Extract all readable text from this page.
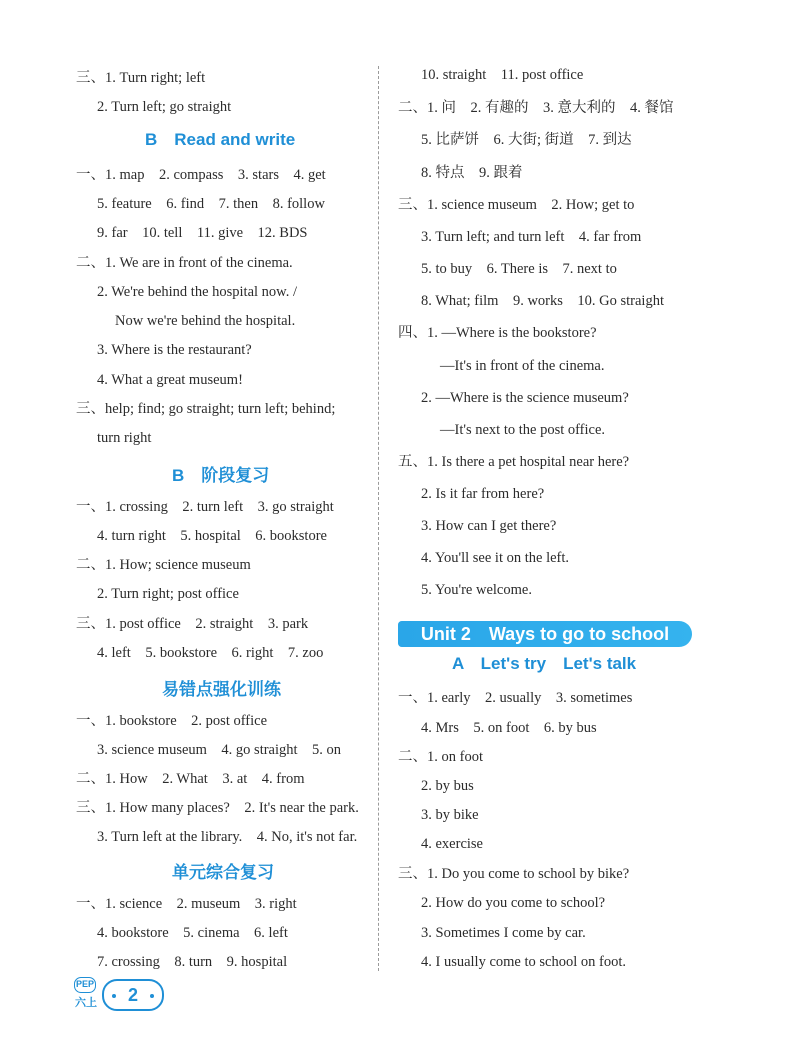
三、1. Turn right; left
2. Turn left; go straight
B　Read and write
一、1. map　2. compass　3. stars　4. get
5. feature　6. find　7. then　8. follow
9. far　10. tell　11. give　12. BDS
二、1. We are in front of the cinema.
2. We're behind the hospital now. /
Now we're behind the hospital.
3. Where is the restaurant?
4. What a great museum!
三、help; find; go straight; turn left; behind;
turn right
B　阶段复习
一、1. crossing　2. turn left　3. go straight
4. turn right　5. hospital　6. bookstore
二、1. How; science museum
2. Turn right; post office
三、1. post office　2. straight　3. park
4. left　5. bookstore　6. right　7. zoo
易错点强化训练
一、1. bookstore　2. post office
3. science museum　4. go straight　5. on
二、1. How　2. What　3. at　4. from
三、1. How many places?　2. It's near the park.
3. Turn left at the library.　4. No, it's not far.
单元综合复习
一、1. science　2. museum　3. right
4. bookstore　5. cinema　6. left
7. crossing　8. turn　9. hospital
10. straight　11. post office
二、1. 问　2. 有趣的　3. 意大利的　4. 餐馆
5. 比萨饼　6. 大街; 街道　7. 到达
8. 特点　9. 跟着
三、1. science museum　2. How; get to
3. Turn left; and turn left　4. far from
5. to buy　6. There is　7. next to
8. What; film　9. works　10. Go straight
四、1. —Where is the bookstore?
—It's in front of the cinema.
2. —Where is the science museum?
—It's next to the post office.
五、1. Is there a pet hospital near here?
2. Is it far from here?
3. How can I get there?
4. You'll see it on the left.
5. You're welcome.
Unit 2　Ways to go to school
A　Let's try　Let's talk
一、1. early　2. usually　3. sometimes
4. Mrs　5. on foot　6. by bus
二、1. on foot
2. by bus
3. by bike
4. exercise
三、1. Do you come to school by bike?
2. How do you come to school?
3. Sometimes I come by car.
4. I usually come to school on foot.
PEP
六上	2
